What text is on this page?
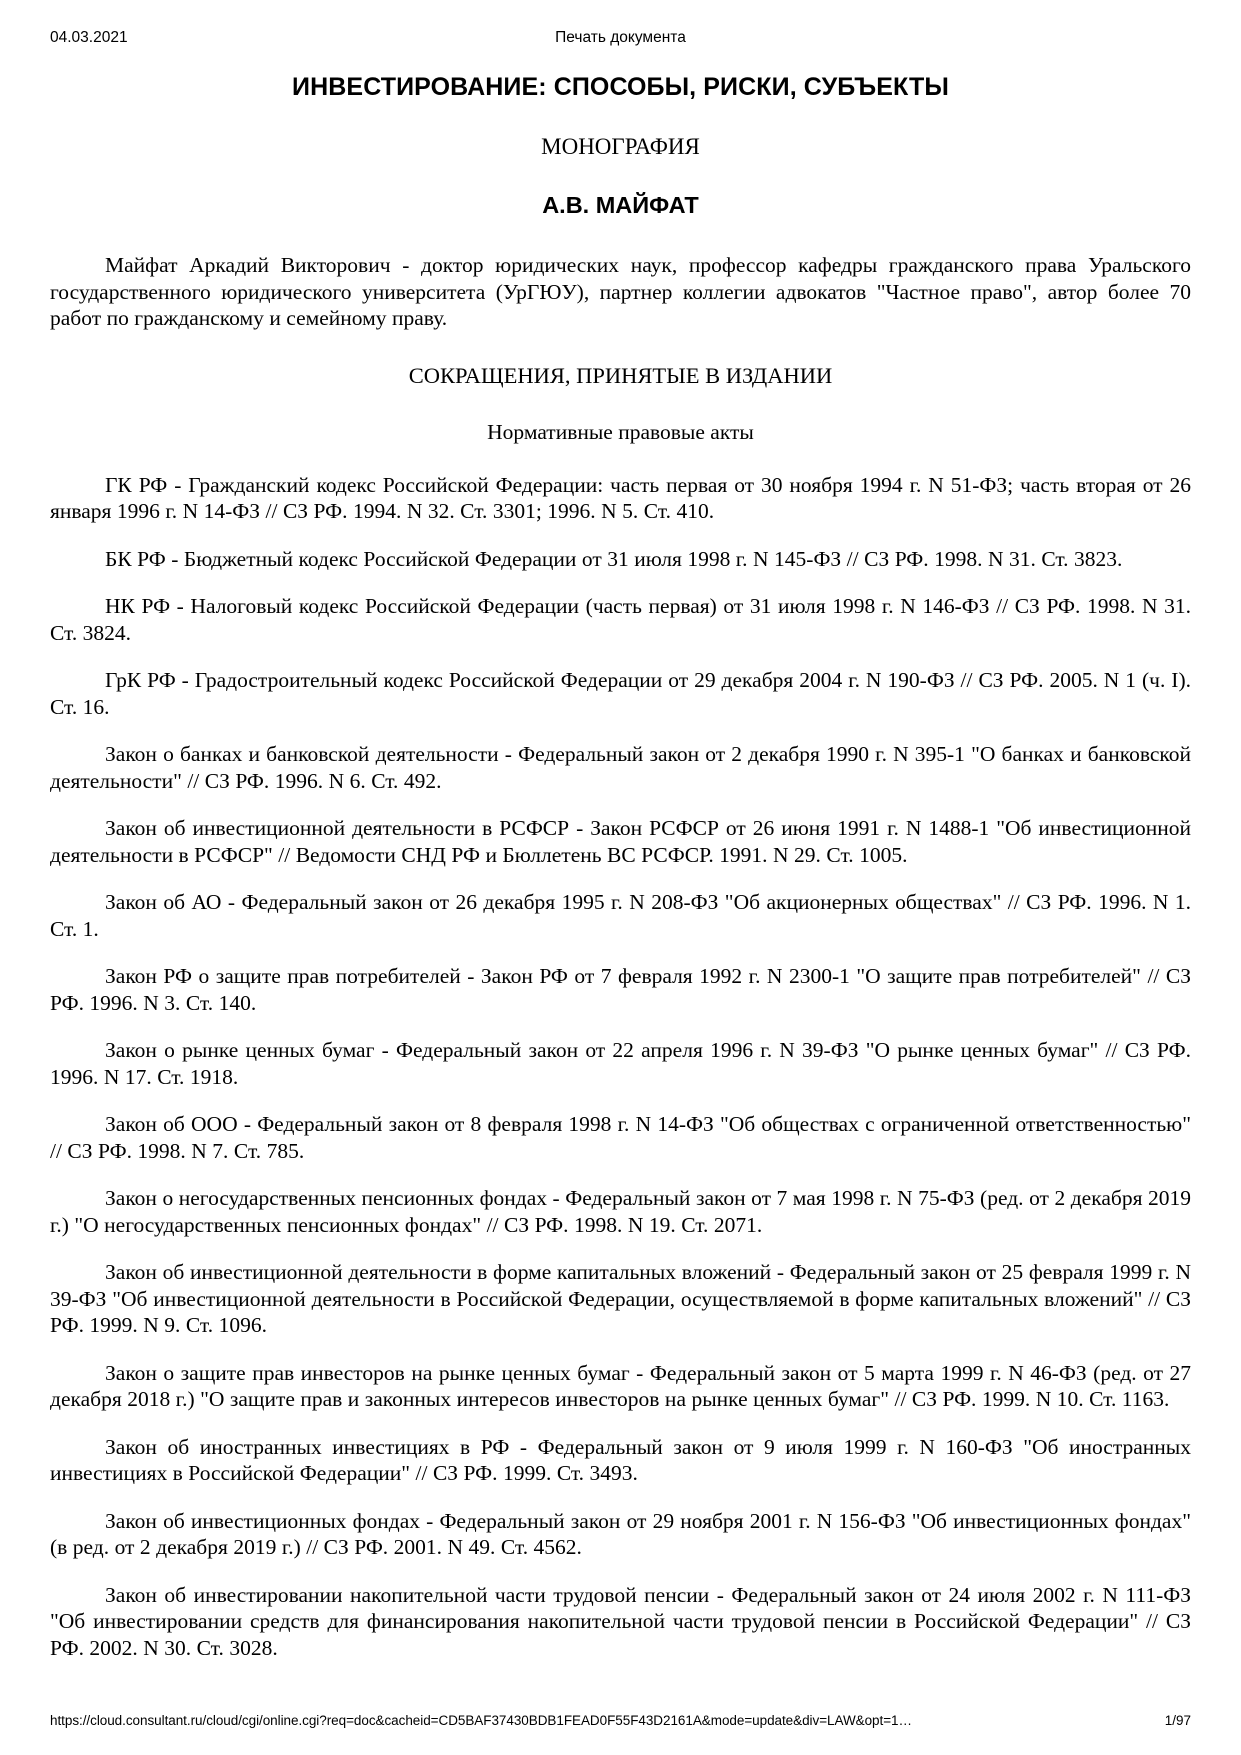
04.03.2021	Печать документа
ИНВЕСТИРОВАНИЕ: СПОСОБЫ, РИСКИ, СУБЪЕКТЫ
МОНОГРАФИЯ
А.В. МАЙФАТ

Майфат Аркадий Викторович - доктор юридических наук, профессор кафедры гражданского права Уральского государственного юридического университета (УрГЮУ), партнер коллегии адвокатов "Частное право", автор более 70 работ по гражданскому и семейному праву.

СОКРАЩЕНИЯ, ПРИНЯТЫЕ В ИЗДАНИИ
Нормативные правовые акты

ГК РФ - Гражданский кодекс Российской Федерации: часть первая от 30 ноября 1994 г. N 51-ФЗ; часть вторая от 26 января 1996 г. N 14-ФЗ // СЗ РФ. 1994. N 32. Ст. 3301; 1996. N 5. Ст. 410.

БК РФ - Бюджетный кодекс Российской Федерации от 31 июля 1998 г. N 145-ФЗ // СЗ РФ. 1998. N 31. Ст. 3823.

НК РФ - Налоговый кодекс Российской Федерации (часть первая) от 31 июля 1998 г. N 146-ФЗ // СЗ РФ. 1998. N 31. Ст. 3824.

ГрК РФ - Градостроительный кодекс Российской Федерации от 29 декабря 2004 г. N 190-ФЗ // СЗ РФ. 2005. N 1 (ч. I). Ст. 16.

Закон о банках и банковской деятельности - Федеральный закон от 2 декабря 1990 г. N 395-1 "О банках и банковской деятельности" // СЗ РФ. 1996. N 6. Ст. 492.

Закон об инвестиционной деятельности в РСФСР - Закон РСФСР от 26 июня 1991 г. N 1488-1 "Об инвестиционной деятельности в РСФСР" // Ведомости СНД РФ и Бюллетень ВС РСФСР. 1991. N 29. Ст. 1005.

Закон об АО - Федеральный закон от 26 декабря 1995 г. N 208-ФЗ "Об акционерных обществах" // СЗ РФ. 1996. N 1. Ст. 1.

Закон РФ о защите прав потребителей - Закон РФ от 7 февраля 1992 г. N 2300-1 "О защите прав потребителей" // СЗ РФ. 1996. N 3. Ст. 140.

Закон о рынке ценных бумаг - Федеральный закон от 22 апреля 1996 г. N 39-ФЗ "О рынке ценных бумаг" // СЗ РФ. 1996. N 17. Ст. 1918.

Закон об ООО - Федеральный закон от 8 февраля 1998 г. N 14-ФЗ "Об обществах с ограниченной ответственностью" // СЗ РФ. 1998. N 7. Ст. 785.

Закон о негосударственных пенсионных фондах - Федеральный закон от 7 мая 1998 г. N 75-ФЗ (ред. от 2 декабря 2019 г.) "О негосударственных пенсионных фондах" // СЗ РФ. 1998. N 19. Ст. 2071.

Закон об инвестиционной деятельности в форме капитальных вложений - Федеральный закон от 25 февраля 1999 г. N 39-ФЗ "Об инвестиционной деятельности в Российской Федерации, осуществляемой в форме капитальных вложений" // СЗ РФ. 1999. N 9. Ст. 1096.

Закон о защите прав инвесторов на рынке ценных бумаг - Федеральный закон от 5 марта 1999 г. N 46-ФЗ (ред. от 27 декабря 2018 г.) "О защите прав и законных интересов инвесторов на рынке ценных бумаг" // СЗ РФ. 1999. N 10. Ст. 1163.

Закон об иностранных инвестициях в РФ - Федеральный закон от 9 июля 1999 г. N 160-ФЗ "Об иностранных инвестициях в Российской Федерации" // СЗ РФ. 1999. Ст. 3493.

Закон об инвестиционных фондах - Федеральный закон от 29 ноября 2001 г. N 156-ФЗ "Об инвестиционных фондах" (в ред. от 2 декабря 2019 г.) // СЗ РФ. 2001. N 49. Ст. 4562.

Закон об инвестировании накопительной части трудовой пенсии - Федеральный закон от 24 июля 2002 г. N 111-ФЗ "Об инвестировании средств для финансирования накопительной части трудовой пенсии в Российской Федерации" // СЗ РФ. 2002. N 30. Ст. 3028.

https://cloud.consultant.ru/cloud/cgi/online.cgi?req=doc&cacheid=CD5BAF37430BDB1FEAD0F55F43D2161A&mode=update&div=LAW&opt=1…	1/97
